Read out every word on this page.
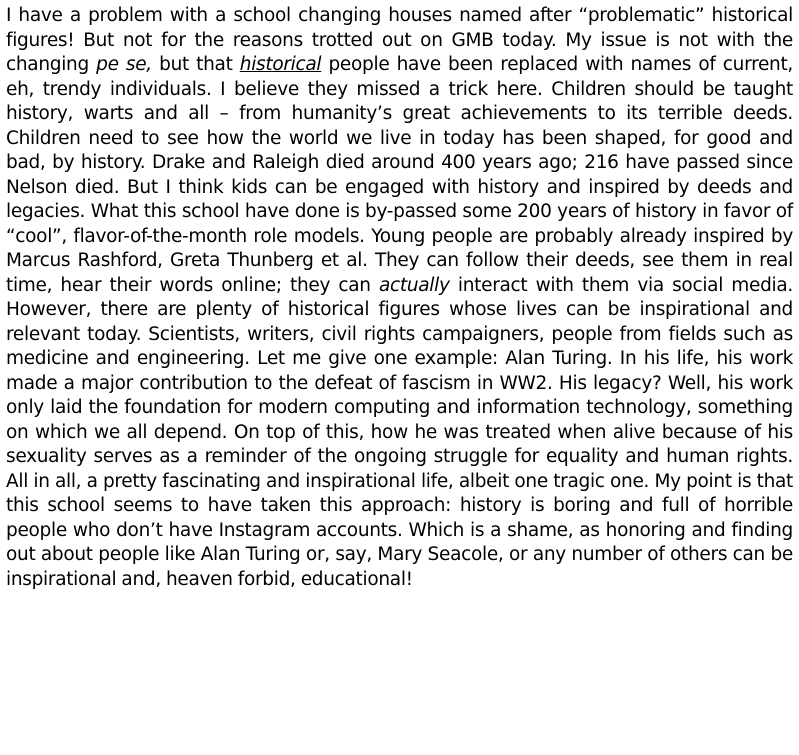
I have a problem with a school changing houses named after “problematic” historical figures! But not for the reasons trotted out on GMB today. My issue is not with the changing pe se, but that historical people have been replaced with names of current, eh, trendy individuals. I believe they missed a trick here. Children should be taught history, warts and all – from humanity’s great achievements to its terrible deeds. Children need to see how the world we live in today has been shaped, for good and bad, by history. Drake and Raleigh died around 400 years ago; 216 have passed since Nelson died. But I think kids can be engaged with history and inspired by deeds and legacies. What this school have done is by-passed some 200 years of history in favor of “cool”, flavor-of-the-month role models. Young people are probably already inspired by Marcus Rashford, Greta Thunberg et al. They can follow their deeds, see them in real time, hear their words online; they can actually interact with them via social media. However, there are plenty of historical figures whose lives can be inspirational and relevant today. Scientists, writers, civil rights campaigners, people from fields such as medicine and engineering. Let me give one example: Alan Turing. In his life, his work made a major contribution to the defeat of fascism in WW2. His legacy? Well, his work only laid the foundation for modern computing and information technology, something on which we all depend. On top of this, how he was treated when alive because of his sexuality serves as a reminder of the ongoing struggle for equality and human rights. All in all, a pretty fascinating and inspirational life, albeit one tragic one. My point is that this school seems to have taken this approach: history is boring and full of horrible people who don’t have Instagram accounts. Which is a shame, as honoring and finding out about people like Alan Turing or, say, Mary Seacole, or any number of others can be inspirational and, heaven forbid, educational!
